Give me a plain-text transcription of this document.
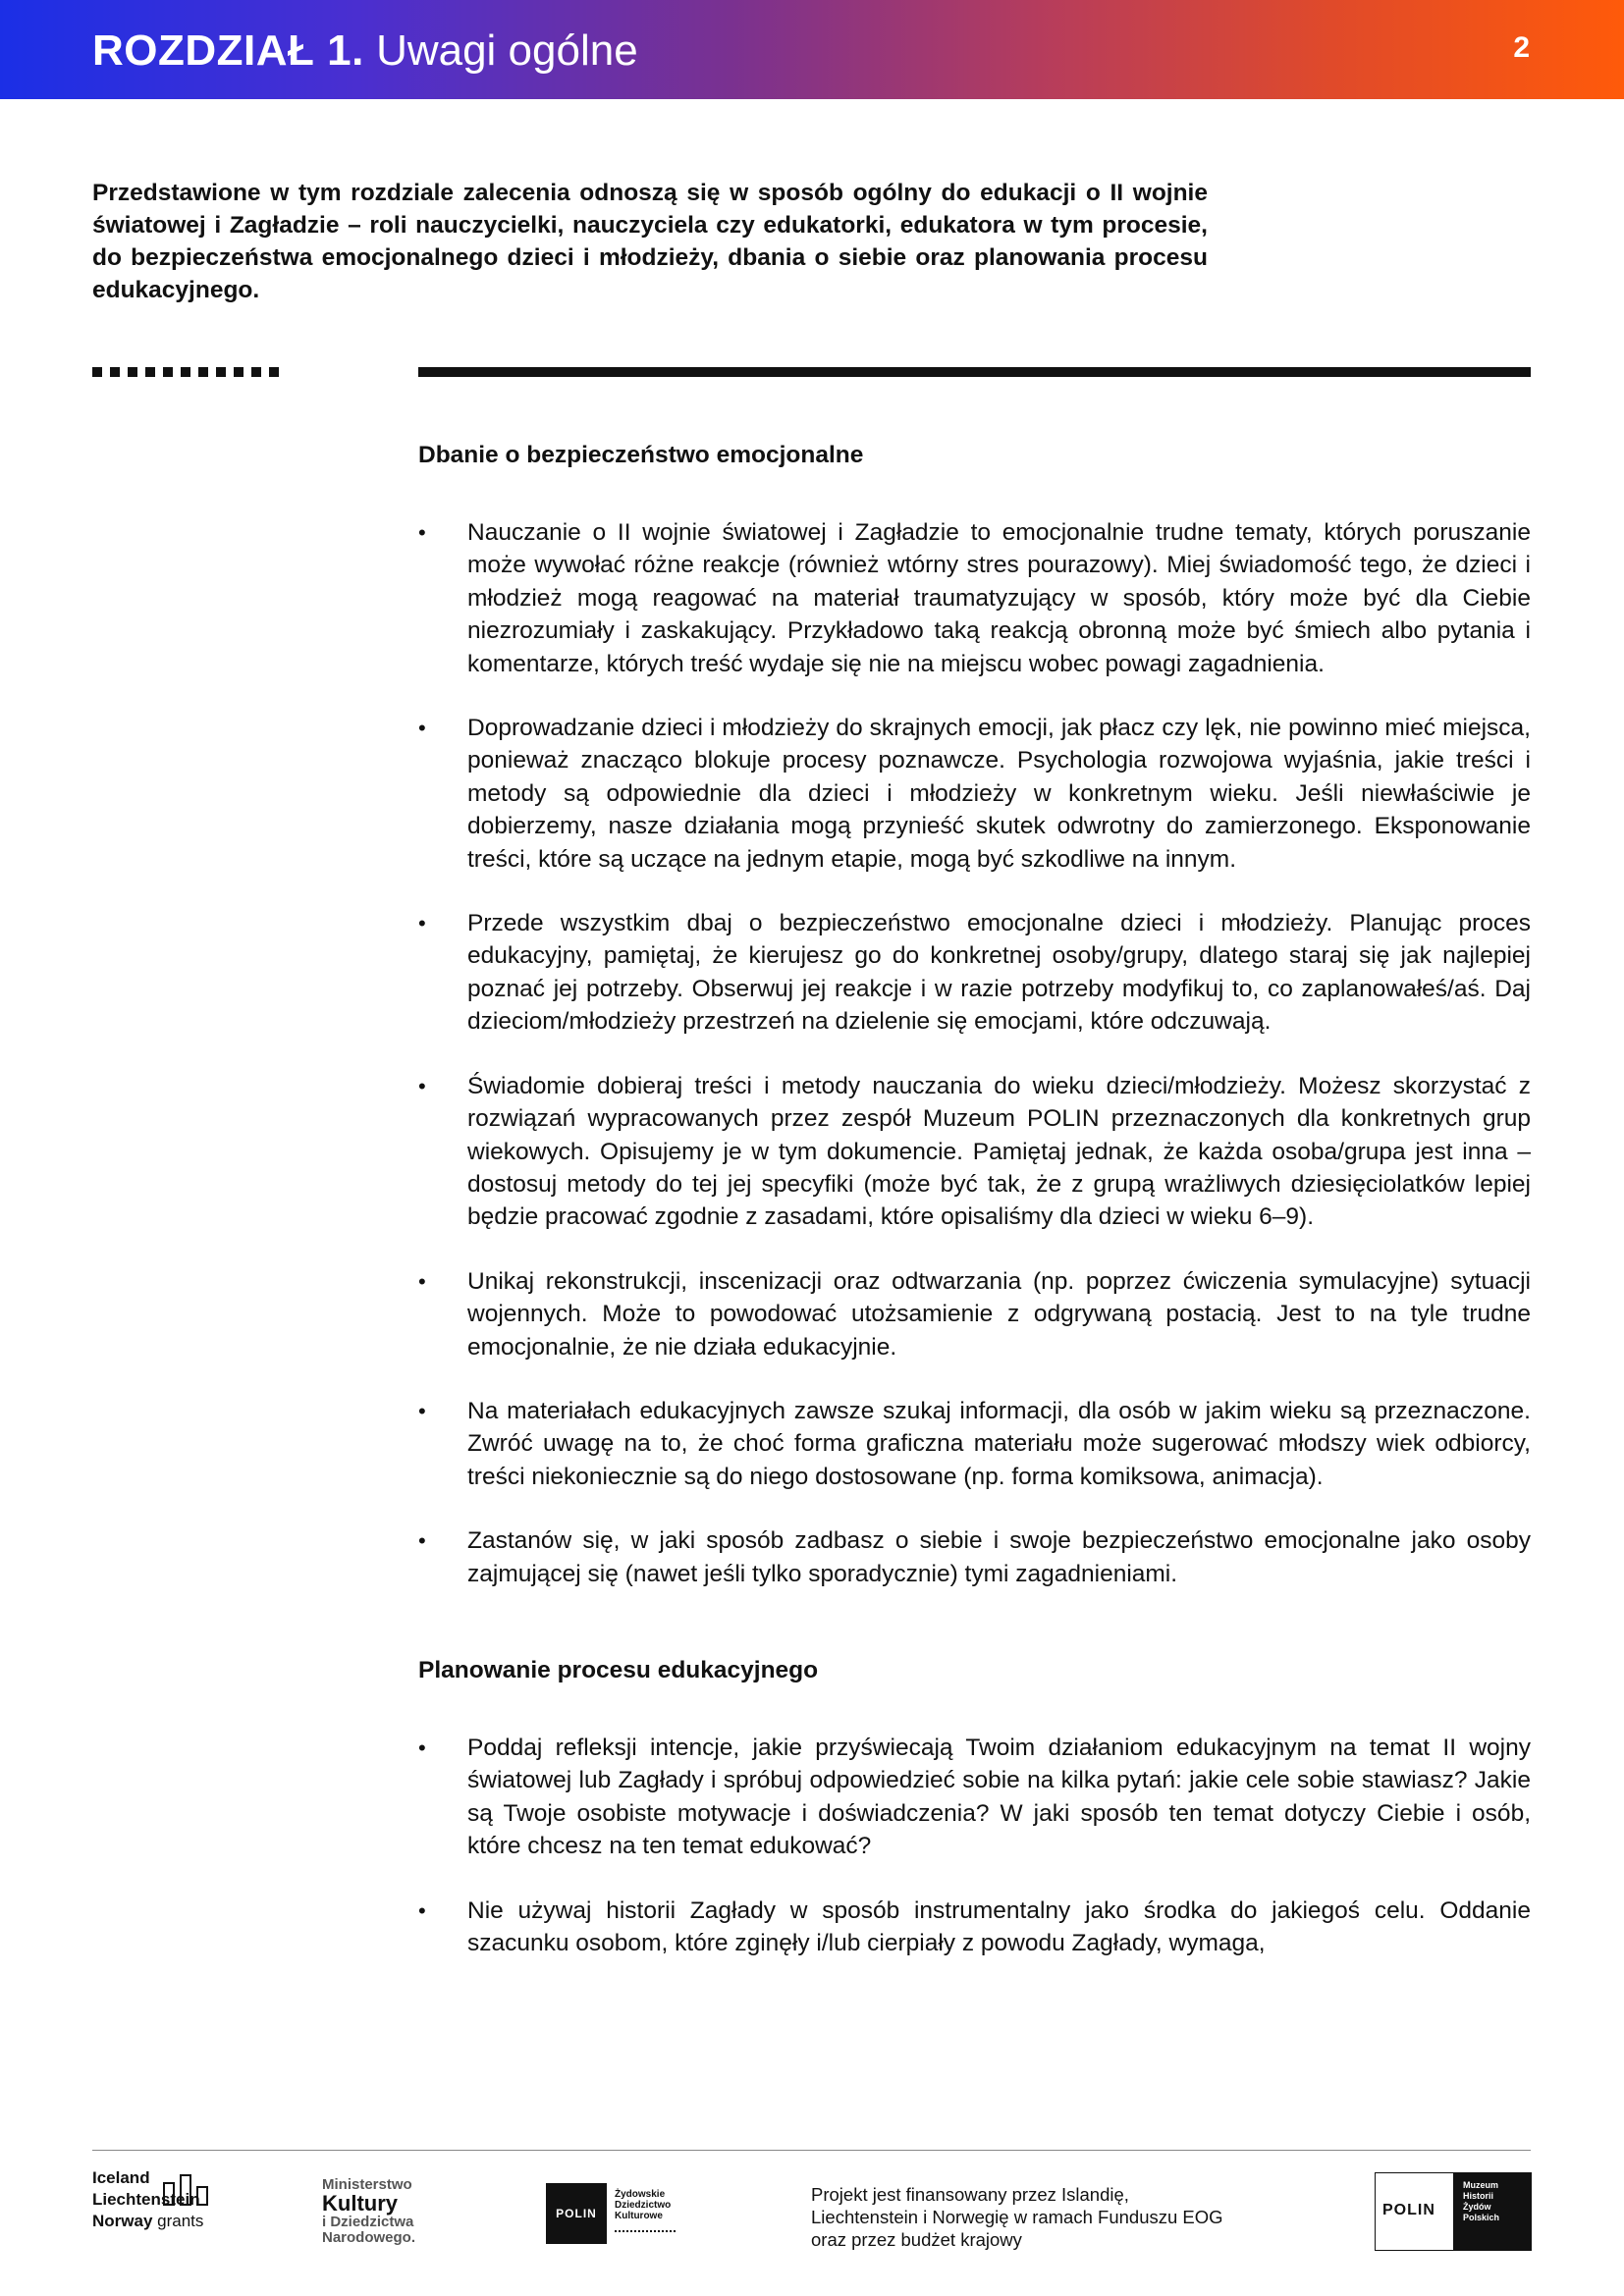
ROZDZIAŁ 1. Uwagi ogólne	2

Przedstawione w tym rozdziale zalecenia odnoszą się w sposób ogólny do edukacji o II wojnie światowej i Zagładzie – roli nauczycielki, nauczyciela czy edukatorki, edukatora w tym procesie, do bezpieczeństwa emocjonalnego dzieci i młodzieży, dbania o siebie oraz planowania procesu edukacyjnego.

Dbanie o bezpieczeństwo emocjonalne
• Nauczanie o II wojnie światowej i Zagładzie to emocjonalnie trudne tematy, których poruszanie może wywołać różne reakcje (również wtórny stres pourazowy). Miej świadomość tego, że dzieci i młodzież mogą reagować na materiał traumatyzujący w sposób, który może być dla Ciebie niezrozumiały i zaskakujący. Przykładowo taką reakcją obronną może być śmiech albo pytania i komentarze, których treść wydaje się nie na miejscu wobec powagi zagadnienia.
• Doprowadzanie dzieci i młodzieży do skrajnych emocji, jak płacz czy lęk, nie powinno mieć miejsca, ponieważ znacząco blokuje procesy poznawcze. Psychologia rozwojowa wyjaśnia, jakie treści i metody są odpowiednie dla dzieci i młodzieży w konkretnym wieku. Jeśli niewłaściwie je dobierzemy, nasze działania mogą przynieść skutek odwrotny do zamierzonego. Eksponowanie treści, które są uczące na jednym etapie, mogą być szkodliwe na innym.
• Przede wszystkim dbaj o bezpieczeństwo emocjonalne dzieci i młodzieży. Planując proces edukacyjny, pamiętaj, że kierujesz go do konkretnej osoby/grupy, dlatego staraj się jak najlepiej poznać jej potrzeby. Obserwuj jej reakcje i w razie potrzeby modyfikuj to, co zaplanowałeś/aś. Daj dzieciom/młodzieży przestrzeń na dzielenie się emocjami, które odczuwają.
• Świadomie dobieraj treści i metody nauczania do wieku dzieci/młodzieży. Możesz skorzystać z rozwiązań wypracowanych przez zespół Muzeum POLIN przeznaczonych dla konkretnych grup wiekowych. Opisujemy je w tym dokumencie. Pamiętaj jednak, że każda osoba/grupa jest inna – dostosuj metody do tej jej specyfiki (może być tak, że z grupą wrażliwych dziesięciolatków lepiej będzie pracować zgodnie z zasadami, które opisaliśmy dla dzieci w wieku 6–9).
• Unikaj rekonstrukcji, inscenizacji oraz odtwarzania (np. poprzez ćwiczenia symulacyjne) sytuacji wojennych. Może to powodować utożsamienie z odgrywaną postacią. Jest to na tyle trudne emocjonalnie, że nie działa edukacyjnie.
• Na materiałach edukacyjnych zawsze szukaj informacji, dla osób w jakim wieku są przeznaczone. Zwróć uwagę na to, że choć forma graficzna materiału może sugerować młodszy wiek odbiorcy, treści niekoniecznie są do niego dostosowane (np. forma komiksowa, animacja).
• Zastanów się, w jaki sposób zadbasz o siebie i swoje bezpieczeństwo emocjonalne jako osoby zajmującej się (nawet jeśli tylko sporadycznie) tymi zagadnieniami.
Planowanie procesu edukacyjnego
• Poddaj refleksji intencje, jakie przyświecają Twoim działaniom edukacyjnym na temat II wojny światowej lub Zagłady i spróbuj odpowiedzieć sobie na kilka pytań: jakie cele sobie stawiasz? Jakie są Twoje osobiste motywacje i doświadczenia? W jaki sposób ten temat dotyczy Ciebie i osób, które chcesz na ten temat edukować?
• Nie używaj historii Zagłady w sposób instrumentalny jako środka do jakiegoś celu. Oddanie szacunku osobom, które zginęły i/lub cierpiały z powodu Zagłady, wymaga,
Iceland
Liechtenstein
Norway grants
Ministerstwo
Kultury
i Dziedzictwa
Narodowego.
POLIN
Żydowskie
Dziedzictwo
Kulturowe
Projekt jest finansowany przez Islandię,
Liechtenstein i Norwegię w ramach Funduszu EOG
oraz przez budżet krajowy
POLIN
Muzeum
Historii
Żydów
Polskich
